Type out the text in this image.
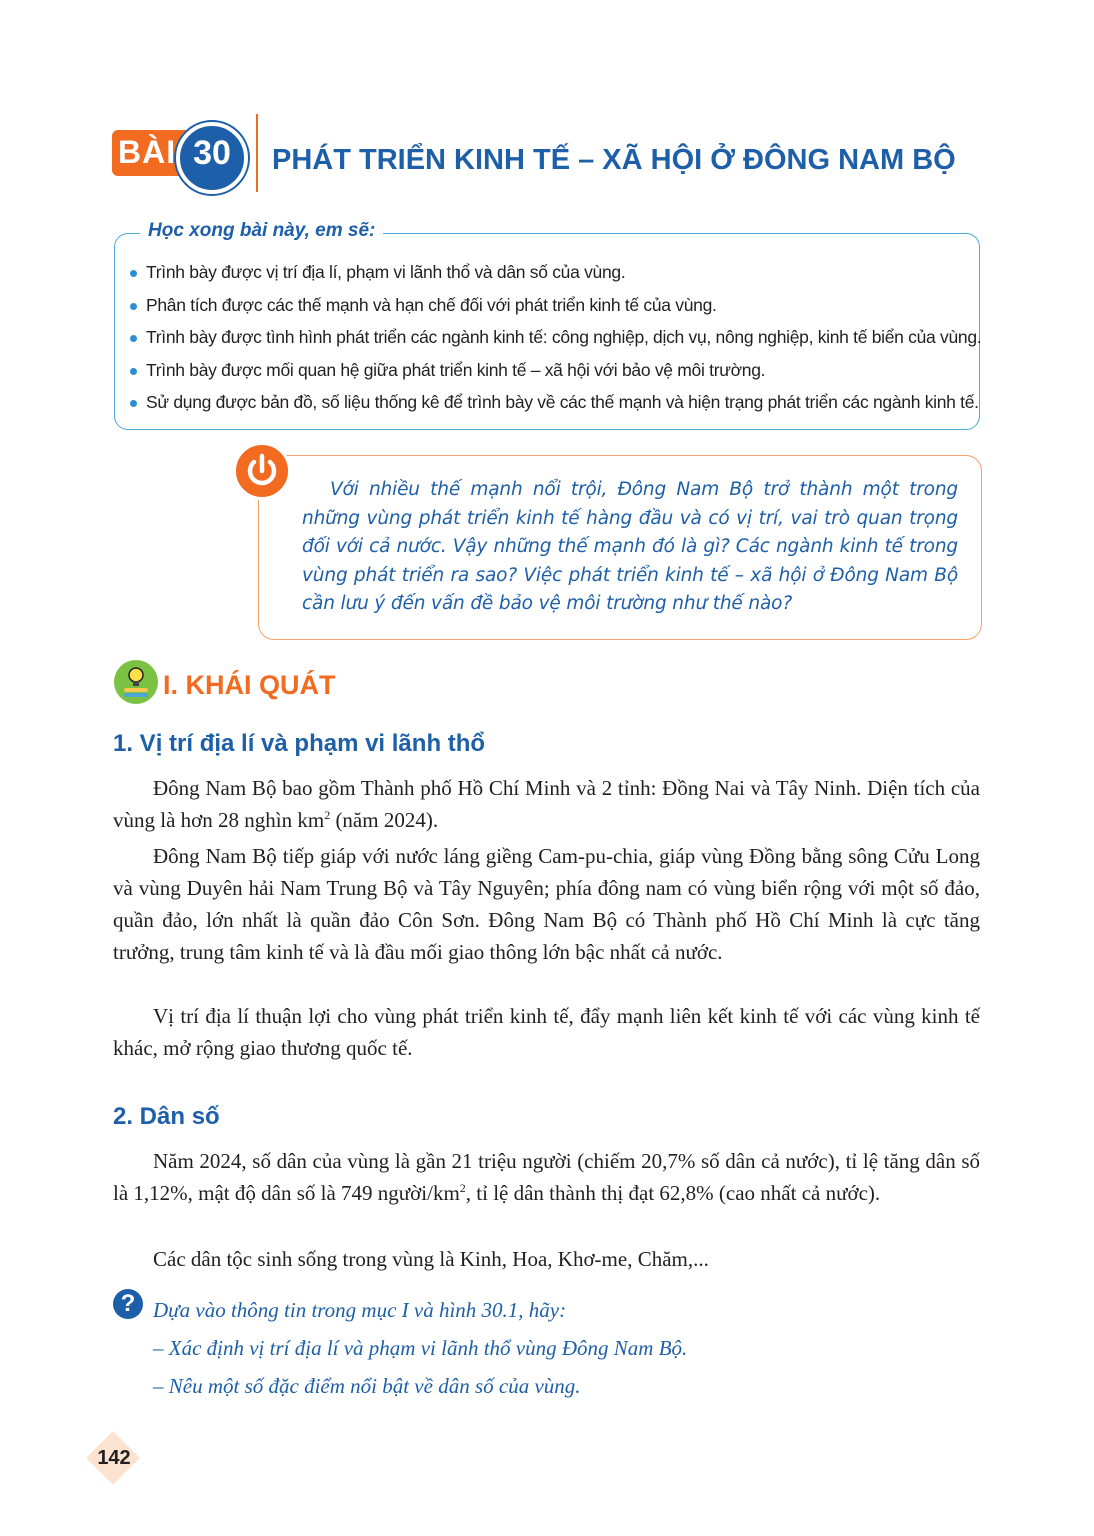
BÀI 30	PHÁT TRIỂN KINH TẾ – XÃ HỘI Ở ĐÔNG NAM BỘ
Học xong bài này, em sẽ:
Trình bày được vị trí địa lí, phạm vi lãnh thổ và dân số của vùng.
Phân tích được các thế mạnh và hạn chế đối với phát triển kinh tế của vùng.
Trình bày được tình hình phát triển các ngành kinh tế: công nghiệp, dịch vụ, nông nghiệp, kinh tế biển của vùng.
Trình bày được mối quan hệ giữa phát triển kinh tế – xã hội với bảo vệ môi trường.
Sử dụng được bản đồ, số liệu thống kê để trình bày về các thế mạnh và hiện trạng phát triển các ngành kinh tế.

Với nhiều thế mạnh nổi trội, Đông Nam Bộ trở thành một trong những vùng phát triển kinh tế hàng đầu và có vị trí, vai trò quan trọng đối với cả nước. Vậy những thế mạnh đó là gì? Các ngành kinh tế trong vùng phát triển ra sao? Việc phát triển kinh tế – xã hội ở Đông Nam Bộ cần lưu ý đến vấn đề bảo vệ môi trường như thế nào?

I. KHÁI QUÁT
1. Vị trí địa lí và phạm vi lãnh thổ

Đông Nam Bộ bao gồm Thành phố Hồ Chí Minh và 2 tỉnh: Đồng Nai và Tây Ninh. Diện tích của vùng là hơn 28 nghìn $km^2$ (năm 2024).

Đông Nam Bộ tiếp giáp với nước láng giềng Cam-pu-chia, giáp vùng Đồng bằng sông Cửu Long và vùng Duyên hải Nam Trung Bộ và Tây Nguyên; phía đông nam có vùng biển rộng với một số đảo, quần đảo, lớn nhất là quần đảo Côn Sơn. Đông Nam Bộ có Thành phố Hồ Chí Minh là cực tăng trưởng, trung tâm kinh tế và là đầu mối giao thông lớn bậc nhất cả nước.

Vị trí địa lí thuận lợi cho vùng phát triển kinh tế, đẩy mạnh liên kết kinh tế với các vùng kinh tế khác, mở rộng giao thương quốc tế.

2. Dân số

Năm 2024, số dân của vùng là gần 21 triệu người (chiếm 20,7% số dân cả nước), tỉ lệ tăng dân số là 1,12%, mật độ dân số là 749 người/$km^2$, tỉ lệ dân thành thị đạt 62,8% (cao nhất cả nước).

Các dân tộc sinh sống trong vùng là Kinh, Hoa, Khơ-me, Chăm,...

? Dựa vào thông tin trong mục I và hình 30.1, hãy:
– Xác định vị trí địa lí và phạm vi lãnh thổ vùng Đông Nam Bộ.
– Nêu một số đặc điểm nổi bật về dân số của vùng.
142
